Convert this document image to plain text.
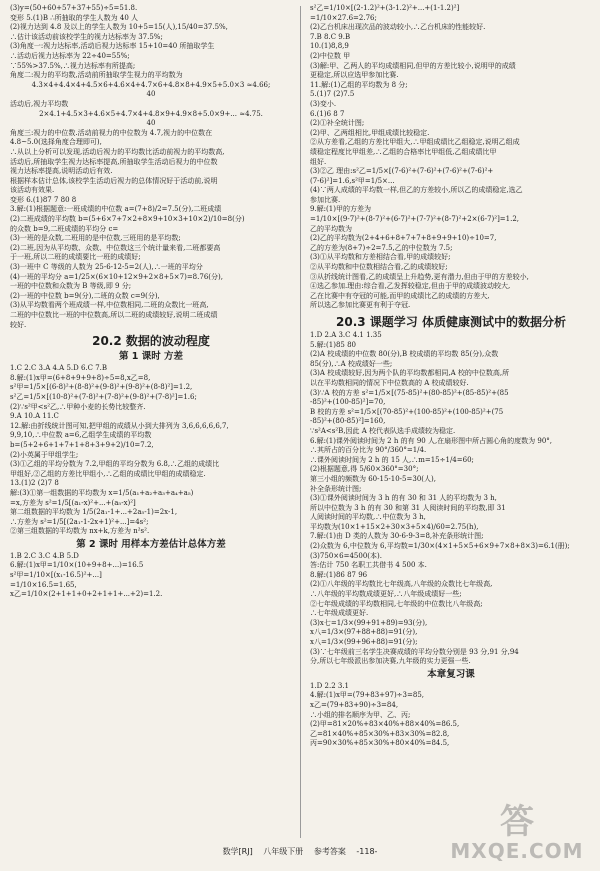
(3)y=(50+60+57+37+55)÷5=51.8.
变形 5.(1)B ∴所抽取的学生人数为 40 人
(2)视力达到 4.8 及以上的学生人数为 10+5=15(人),15/40=37.5%,
∴估计该活动前该校学生的视力达标率为 37.5%;
(3)角度一:视力达标率,活动后视力达标率 15+10=40 所抽取学生
∴活动后视力达标率为 22÷40=55%;
∵55%>37.5%,∴视力达标率有所提高;
角度二:视力的平均数,活动前所抽取学生视力的平均数为
4.3×4+4.4×4+4.5×6+4.6×4+4.7×6+4.8×8+4.9×5+5.0×3 ≈4.66;
40
活动后,视力平均数
2×4.1+4.5×3+4.6×5+4.7×4+4.8×9+4.9×8+5.0×9+... ≈4.75.
40
角度三:视力的中位数.活动前视力的中位数为 4.7,视力的中位数在
4.8~5.0(选择角度合理即可),
∴从以上分析可以发现,活动后视力的平均数比活动前视力的平均数高,
活动后,所抽取学生视力达标率提高,所抽取学生活动后视力的中位数
视力达标率提高,说明活动后有效.
根据样本估计总体,该校学生活动后视力的总体情况好于活动前,说明
该活动有效果.
变形 6.(1)87 7 80 8
3.解:(1)根据题意:一班成绩的中位数 a=(7+8)/2=7.5(分),二班成绩
(2)二班成绩的平均数 b=(5+6×7+7×2+8×9+10×3+10×2)/10=8(分)
的众数 b=9,二班成绩的平均分 c=
(3)一班的是众数,二班用的是中位数,三班用的是平均数;
(2)二班,因为从平均数、众数、中位数这三个统计量来看,二班都要高
于一班,所以二班的成绩要比一班的成绩好;
(3)一班中 C 等级的人数为 25-6-12-5=2(人),∴一班的平均分
(4)一班的平均分 a=1/25×(6×10+12×9+2×8+5×7)=8.76(分),
一班的中位数和众数为 B 等级,即 9 分;
(2)一班的中位数 b=9(分),二班的众数 c=9(分),
(3)从平均数看两个班成绩一样,中位数相同,二班的众数比一班高,
二班的中位数比一班的中位数高,所以二班的成绩较好,说明二班成绩
较好.
20.2 数据的波动程度
第 1 课时 方差
1.C 2.C 3.A 4.A 5.D 6.C 7.B
8.解:(1)x甲=(6+8+9+9+8)÷5=8,x乙=8,
s²甲=1/5×[(6-8)²+(8-8)²+(9-8)²+(9-8)²+(8-8)²]=1.2,
s²乙=1/5×[(10-8)²+(7-8)²+(7-8)²+(9-8)²+(7-8)²]=1.6;
(2)∵s²甲<s²乙,∴甲种小麦的长势比较整齐.
9.A 10.A 11.C
12.解:由折线统计图可知,把甲组的成绩从小到大排列为 3,6,6,6,6,6,7,
9,9,10,∴中位数 a=6,乙组学生成绩的平均数
b=(5+2+6+1+7+1+8+3+9+2)/10=7.2,
(2)小英属于甲组学生;
(3)①乙组的平均分数为 7.2,甲组的平均分数为 6.8,∴乙组的成绩比
甲组好,②乙组的方差比甲组小,∴乙组的成绩比甲组的成绩稳定.
13.(1)2 (2)7 8
解:(3)①第一组数据的平均数为 x=1/5(a₁+a₂+a₃+a₄+a₅)
=x,方差为 s²=1/5[(a₁-x)²+...+(a₅-x)²]
第二组数据的平均数为 1/5(2a₁-1+...+2a₅-1)=2x-1,
∴方差为 s²=1/5[(2a₁-1-2x+1)²+...]=4s²;
②第三组数据的平均数为 nx+k,方差为 n²s².
第 2 课时 用样本方差估计总体方差
1.B 2.C 3.C 4.B 5.D
6.解:(1)x甲=1/10×(10+9+8+...)=16.5
s²甲=1/10×[(x₁-16.5)²+...]
=1/10×16.5=1.65,
x乙=1/10×(2+1+1+0+2+1+1+...+2)=1.2.
s²乙=1/10×[(2-1.2)²+(3-1.2)²+...+(1-1.2)²]
=1/10×27.6=2.76;
(2)乙台机床出现次品的波动较小,∴乙台机床的性能较好.
7.B 8.C 9.B
10.(1)8,8,9
(2)中位数 甲
(3)解:甲、乙两人的平均成绩相同,但甲的方差比较小,说明甲的成绩
更稳定,所以应选甲参加比赛.
11.解:(1)乙组的平均数为 8 分;
5.(1)7 (2)7.5
(3)变小.
6.(1)6 8 7
(2)①补全统计图;
(2)甲、乙两组相比,甲组成绩比较稳定.
②从方差看,乙组的方差比甲组大,∴甲组成绩比乙组稳定,说明乙组成
绩稳定程度比甲组差,∴乙组的合格率比甲组低,乙组成绩比甲
组好.
(3)②乙 理由:s²乙=1/5×[(7-6)²+(7-6)²+(7-6)²+(7-6)²+
(7-6)²]=1.6,s²甲=1/5×...
(4)∵两人成绩的平均数一样,但乙的方差较小,所以乙的成绩稳定,选乙
参加比赛.
9.解:(1)甲的方差为
=1/10×[(9-7)²+(8-7)²+(6-7)²+(7-7)²+(8-7)²+2×(6-7)²]=1.2,
乙的平均数为
(2)乙的平均数为(2+4+6+8+7+7+8+9+9+10)÷10=7,
乙的方差为(8+7)÷2=7.5,乙的中位数为 7.5;
(3)①从平均数和方差相结合看,甲的成绩较好;
②从平均数和中位数相结合看,乙的成绩较好;
③从折线统计图看,乙的成绩呈上升趋势,更有潜力,但由于甲的方差较小,
④选乙参加.理由:综合看,乙发挥较稳定,但由于甲的成绩波动较大,
乙在比赛中有夺冠的可能,而甲的成绩比乙的成绩的方差大,
所以选乙参加比赛更有利于夺冠.
20.3 课题学习 体质健康测试中的数据分析
1.D 2.A 3.C 4.1 1.35
5.解:(1)85 80
(2)A 校成绩的中位数 80(分),B 校成绩的平均数 85(分),众数
85(分),∴A 校成绩好一些;
(3)A 校成绩较好,因为两个队的平均数都相同,A 校的中位数高,所
以在平均数相同的情况下中位数高的 A 校成绩较好.
(3)∵A 校的方差 s²=1/5×[(75-85)²+(80-85)²+(85-85)²+(85
-85)²+(100-85)²]=70,
B 校的方差 s²=1/5×[(70-85)²+(100-85)²+(100-85)²+(75
-85)²+(80-85)²]=160,
∵s²A<s²B,因此 A 校代表队选手成绩较为稳定.
6.解:(1)课外阅读时间为 2 h 的有 90 人,在扇形图中所占圆心角的度数为 90°,
∴其所占的百分比为 90°/360°=1/4.
∴课外阅读时间为 2 h 的 15 人,∴m=15÷1/4=60;
(2)根据题意,得 5/60×360°=30°;
第三小组的频数为 60-15-10-5=30(人),
补全条形统计图;
(3)①课外阅读时间为 3 h 的有 30 和 31 人的平均数为 3 h,
所以中位数为 3 h 的有 30 和第 31 人阅读时间的平均数,即 31
人阅读时间的平均数,∴中位数为 3 h,
平均数为(10×1+15×2+30×3+5×4)/60=2.75(h),
7.解:(1)由 D 类的人数为 30-6-9-3=8,补充条形统计图;
(2)众数为 6,中位数为 6,平均数=1/30×(4×1+5×5+6×9+7×8+8×3)=6.1(册);
(3)750×6=4500(本).
答:估计 750 名职工共借书 4 500 本.
8.解:(1)86 87 96
(2)①八年级的平均数比七年级高,八年级的众数比七年级高,
∴八年级的平均数成绩更好,∴八年级成绩好一些;
②七年级成绩的平均数相同,七年级的中位数比八年级高;
∴七年级成绩更好.
(3)x七=1/3×(99+91+89)=93(分),
x八=1/3×(97+88+88)=91(分),
x八=1/3×(99+96+88)=91(分);
(3)∵七年级前三名学生决赛成绩的平均分数分别是 93 分,91 分,94
分,所以七年级派出参加决赛,九年级的实力更强一些.
本章复习课
1.D 2.2 3.1
4.解:(1)x甲=(79+83+97)÷3=85,
x乙=(79+83+90)÷3=84,
∴小组的排名顺序为甲、乙、丙;
(2)甲=81×20%+83×40%+88×40%=86.5,
乙=81×40%+85×30%+83×30%=82.8,
丙=90×30%+85×30%+80×40%=84.5,
数学[RJ] 八年级下册 参考答案 -118-
答
MXQE.COM
